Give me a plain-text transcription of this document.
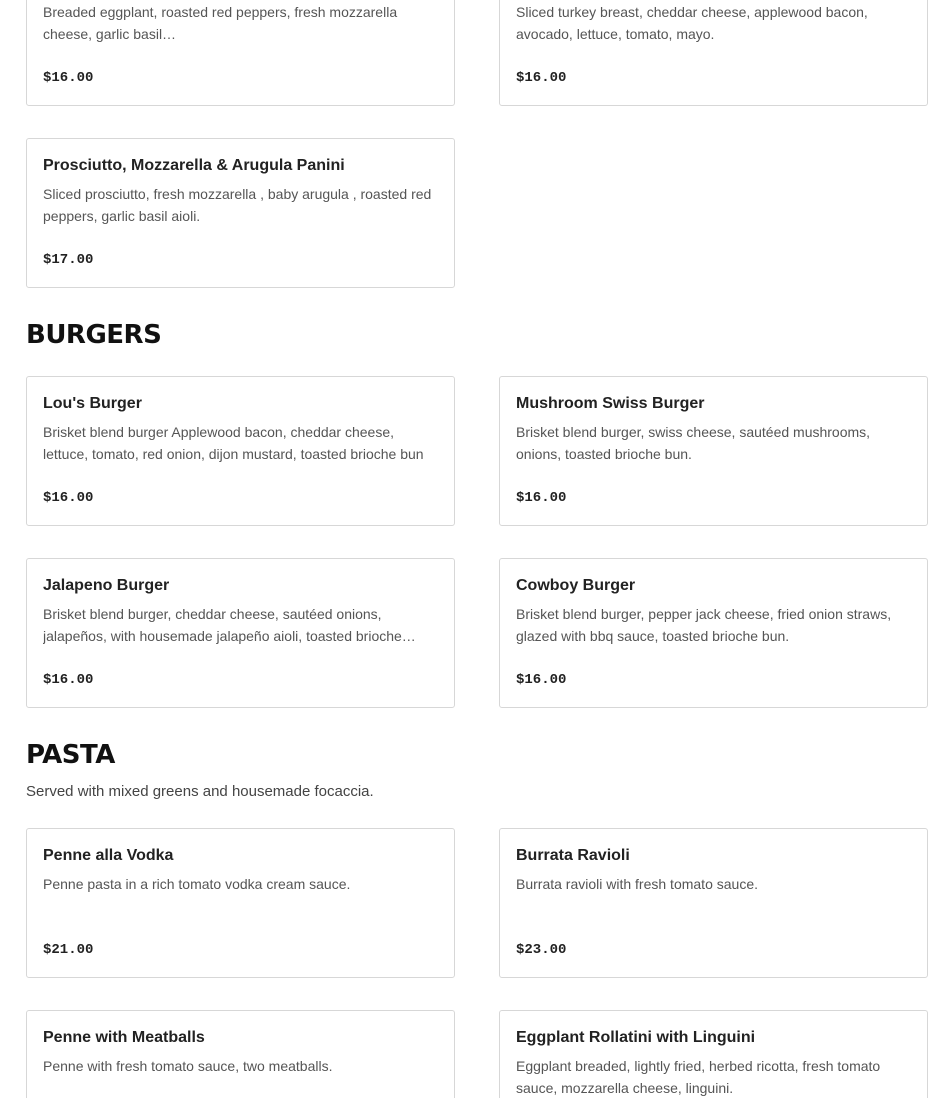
Breaded eggplant, roasted red peppers, fresh mozzarella cheese, garlic basil…
$16.00
Sliced turkey breast, cheddar cheese, applewood bacon, avocado, lettuce, tomato, mayo.
$16.00
Prosciutto, Mozzarella & Arugula Panini
Sliced prosciutto, fresh mozzarella , baby arugula , roasted red peppers, garlic basil aioli.
$17.00
BURGERS
Lou's Burger
Brisket blend burger Applewood bacon, cheddar cheese, lettuce, tomato, red onion, dijon mustard, toasted brioche bun
$16.00
Mushroom Swiss Burger
Brisket blend burger, swiss cheese, sautéed mushrooms, onions, toasted brioche bun.
$16.00
Jalapeno Burger
Brisket blend burger, cheddar cheese, sautéed onions, jalapeños, with housemade jalapeño aioli, toasted brioche…
$16.00
Cowboy Burger
Brisket blend burger, pepper jack cheese, fried onion straws, glazed with bbq sauce, toasted brioche bun.
$16.00
PASTA
Served with mixed greens and housemade focaccia.
Penne alla Vodka
Penne pasta in a rich tomato vodka cream sauce.
$21.00
Burrata Ravioli
Burrata ravioli with fresh tomato sauce.
$23.00
Penne with Meatballs
Penne with fresh tomato sauce, two meatballs.
Eggplant Rollatini with Linguini
Eggplant breaded, lightly fried, herbed ricotta, fresh tomato sauce, mozzarella cheese, linguini.
